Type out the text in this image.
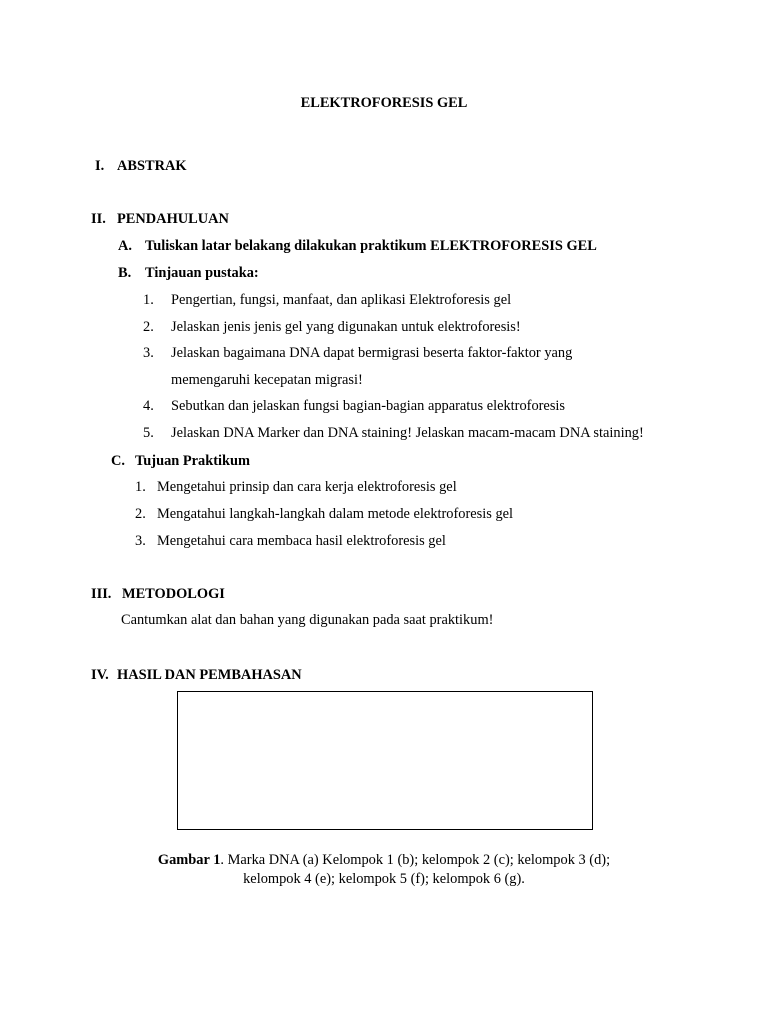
ELEKTROFORESIS GEL
I. ABSTRAK
II. PENDAHULUAN
A. Tuliskan latar belakang dilakukan praktikum ELEKTROFORESIS GEL
B. Tinjauan pustaka:
1. Pengertian, fungsi, manfaat, dan aplikasi Elektroforesis gel
2. Jelaskan jenis jenis gel yang digunakan untuk elektroforesis!
3. Jelaskan bagaimana DNA dapat bermigrasi beserta faktor-faktor yang
memengaruhi kecepatan migrasi!
4. Sebutkan dan jelaskan fungsi bagian-bagian apparatus elektroforesis
5. Jelaskan DNA Marker dan DNA staining! Jelaskan macam-macam DNA staining!
C. Tujuan Praktikum
1. Mengetahui prinsip dan cara kerja elektroforesis gel
2. Mengatahui langkah-langkah dalam metode elektroforesis gel
3. Mengetahui cara membaca hasil elektroforesis gel
III. METODOLOGI
Cantumkan alat dan bahan yang digunakan pada saat praktikum!
IV. HASIL DAN PEMBAHASAN
Gambar 1. Marka DNA (a) Kelompok 1 (b); kelompok 2 (c); kelompok 3 (d);
kelompok 4 (e); kelompok 5 (f); kelompok 6 (g).
